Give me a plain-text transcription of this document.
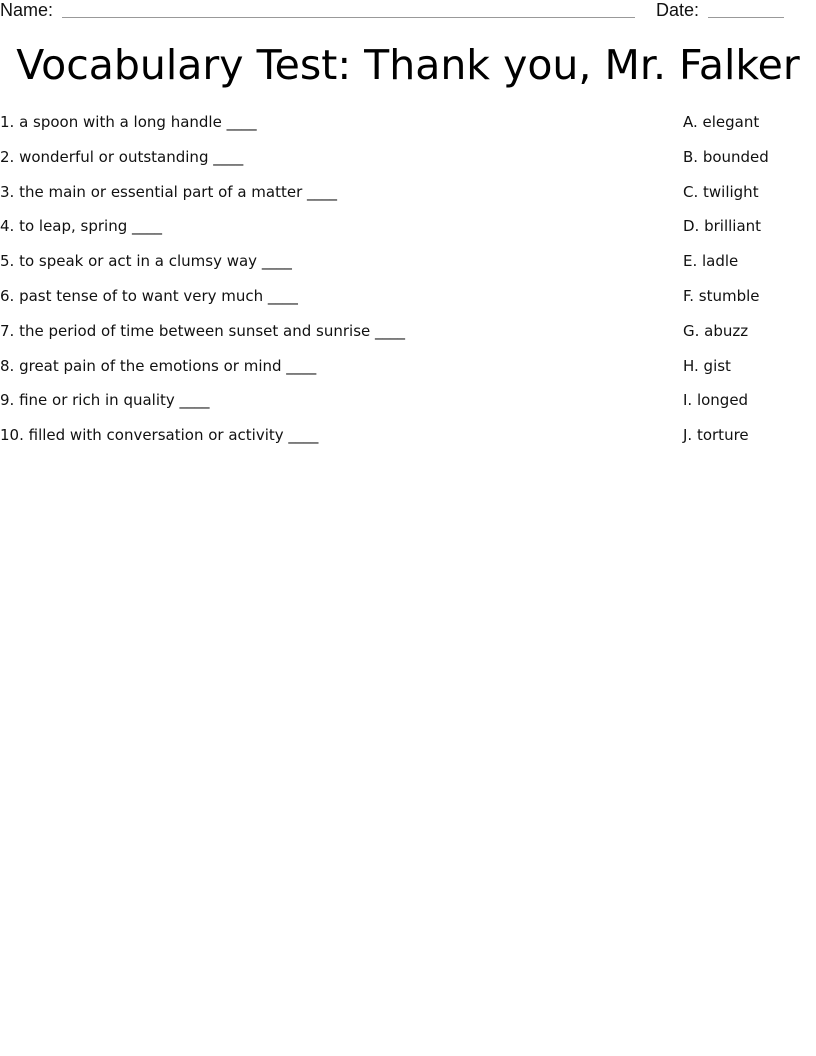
Name:	Date:
Vocabulary Test: Thank you, Mr. Falker
1. a spoon with a long handle ____
2. wonderful or outstanding ____
3. the main or essential part of a matter ____
4. to leap, spring ____
5. to speak or act in a clumsy way ____
6. past tense of to want very much ____
7. the period of time between sunset and sunrise ____
8. great pain of the emotions or mind ____
9. fine or rich in quality ____
10. filled with conversation or activity ____
A. elegant
B. bounded
C. twilight
D. brilliant
E. ladle
F. stumble
G. abuzz
H. gist
I. longed
J. torture
